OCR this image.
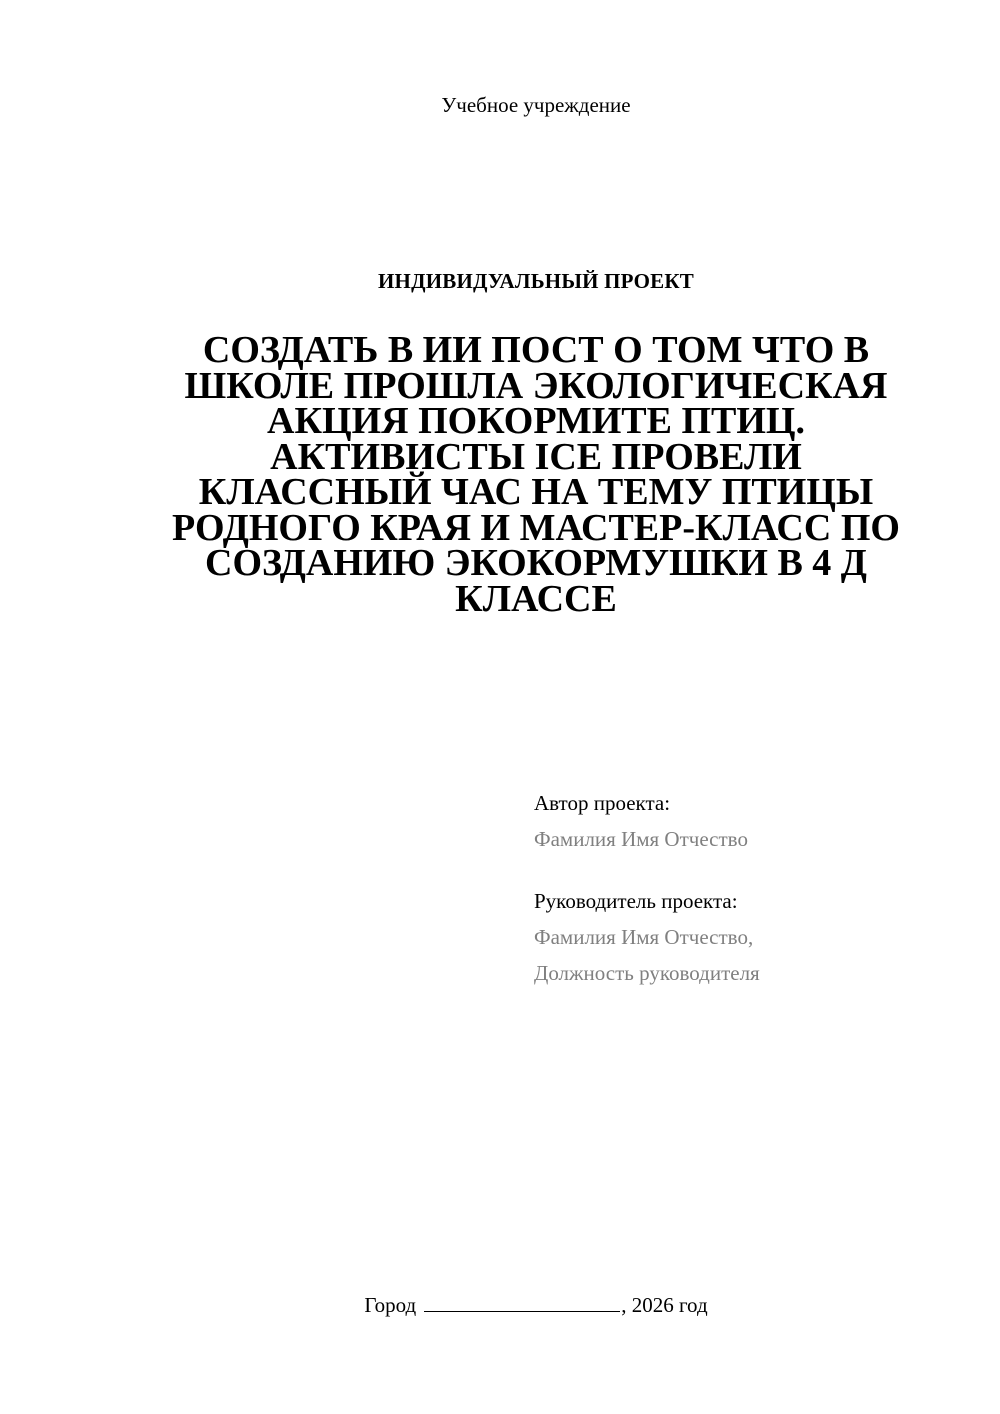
Учебное учреждение
ИНДИВИДУАЛЬНЫЙ ПРОЕКТ
СОЗДАТЬ В ИИ ПОСТ О ТОМ ЧТО В
ШКОЛЕ ПРОШЛА ЭКОЛОГИЧЕСКАЯ
АКЦИЯ ПОКОРМИТЕ ПТИЦ.
АКТИВИСТЫ ICE ПРОВЕЛИ
КЛАССНЫЙ ЧАС НА ТЕМУ ПТИЦЫ
РОДНОГО КРАЯ И МАСТЕР-КЛАСС ПО
СОЗДАНИЮ ЭКОКОРМУШКИ В 4 Д
КЛАССЕ
Автор проекта:
Фамилия Имя Отчество
Руководитель проекта:
Фамилия Имя Отчество,
Должность руководителя
Город	, 2026 год
